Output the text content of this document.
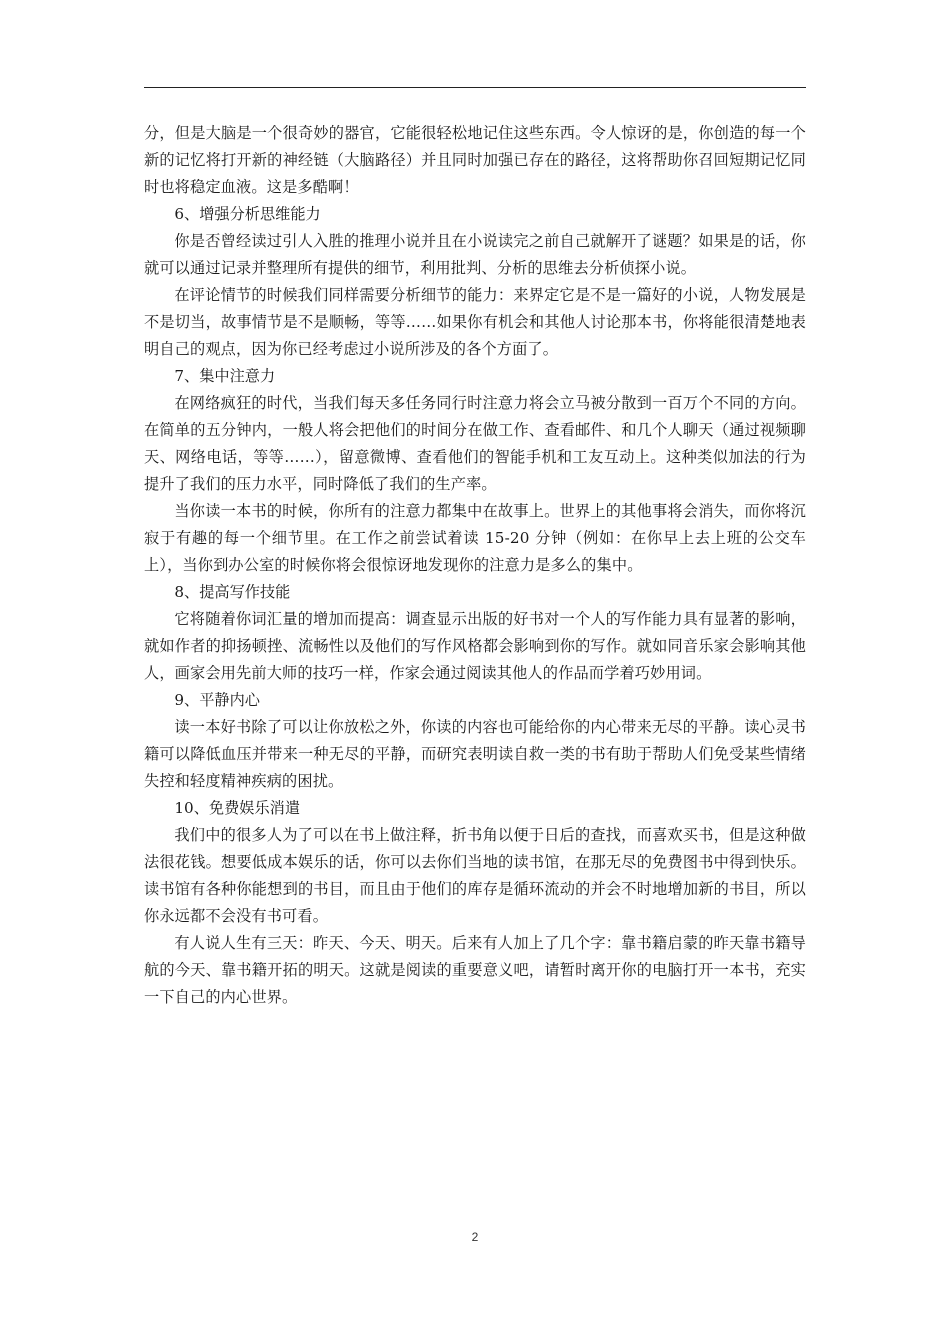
分，但是大脑是一个很奇妙的器官，它能很轻松地记住这些东西。令人惊讶的是，你创造的每一个新的记忆将打开新的神经链（大脑路径）并且同时加强已存在的路径，这将帮助你召回短期记忆同时也将稳定血液。这是多酷啊！

6、增强分析思维能力

你是否曾经读过引人入胜的推理小说并且在小说读完之前自己就解开了谜题？如果是的话，你就可以通过记录并整理所有提供的细节，利用批判、分析的思维去分析侦探小说。

在评论情节的时候我们同样需要分析细节的能力：来界定它是不是一篇好的小说，人物发展是不是切当，故事情节是不是顺畅，等等……如果你有机会和其他人讨论那本书，你将能很清楚地表明自己的观点，因为你已经考虑过小说所涉及的各个方面了。

7、集中注意力

在网络疯狂的时代，当我们每天多任务同行时注意力将会立马被分散到一百万个不同的方向。在简单的五分钟内，一般人将会把他们的时间分在做工作、查看邮件、和几个人聊天（通过视频聊天、网络电话，等等……），留意微博、查看他们的智能手机和工友互动上。这种类似加法的行为提升了我们的压力水平，同时降低了我们的生产率。

当你读一本书的时候，你所有的注意力都集中在故事上。世界上的其他事将会消失，而你将沉寂于有趣的每一个细节里。在工作之前尝试着读 15-20 分钟（例如：在你早上去上班的公交车上），当你到办公室的时候你将会很惊讶地发现你的注意力是多么的集中。

8、提高写作技能

它将随着你词汇量的增加而提高：调查显示出版的好书对一个人的写作能力具有显著的影响，就如作者的抑扬顿挫、流畅性以及他们的写作风格都会影响到你的写作。就如同音乐家会影响其他人，画家会用先前大师的技巧一样，作家会通过阅读其他人的作品而学着巧妙用词。

9、平静内心

读一本好书除了可以让你放松之外，你读的内容也可能给你的内心带来无尽的平静。读心灵书籍可以降低血压并带来一种无尽的平静，而研究表明读自救一类的书有助于帮助人们免受某些情绪失控和轻度精神疾病的困扰。

10、免费娱乐消遣

我们中的很多人为了可以在书上做注释，折书角以便于日后的查找，而喜欢买书，但是这种做法很花钱。想要低成本娱乐的话，你可以去你们当地的读书馆，在那无尽的免费图书中得到快乐。读书馆有各种你能想到的书目，而且由于他们的库存是循环流动的并会不时地增加新的书目，所以你永远都不会没有书可看。

有人说人生有三天：昨天、今天、明天。后来有人加上了几个字：靠书籍启蒙的昨天靠书籍导航的今天、靠书籍开拓的明天。这就是阅读的重要意义吧，请暂时离开你的电脑打开一本书，充实一下自己的内心世界。

2
